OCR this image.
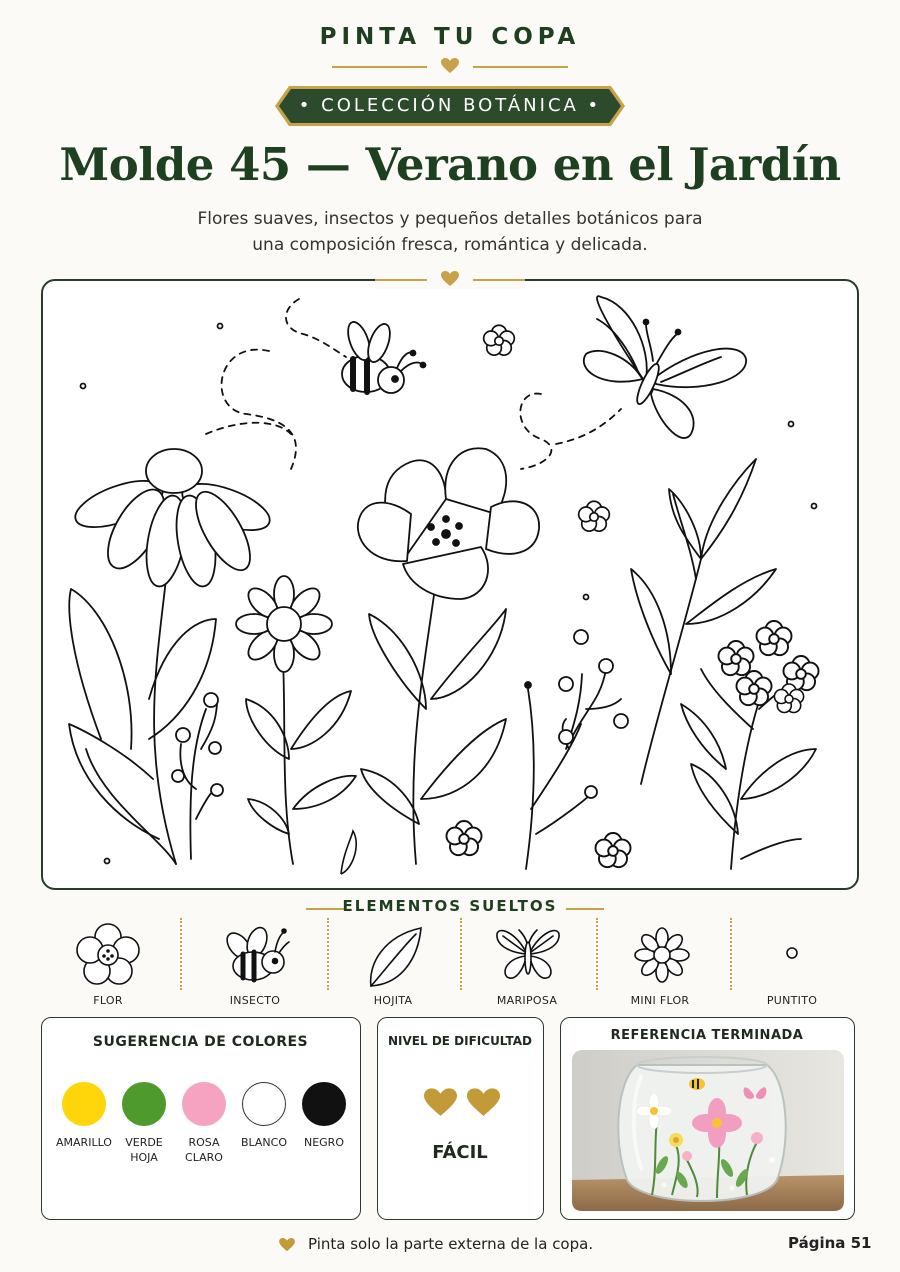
PINTA TU COPA
• COLECCIÓN BOTÁNICA •
Molde 45 — Verano en el Jardín
Flores suaves, insectos y pequeños detalles botánicos para
una composición fresca, romántica y delicada.
ELEMENTOS SUELTOS
FLOR	INSECTO	HOJITA	MARIPOSA	MINI FLOR	PUNTITO
SUGERENCIA DE COLORES
AMARILLO	VERDE
HOJA
ROSA
CLARO
BLANCO	NEGRO
NIVEL DE DIFICULTAD
FÁCIL
REFERENCIA TERMINADA
Pinta solo la parte externa de la copa.	Página 51
